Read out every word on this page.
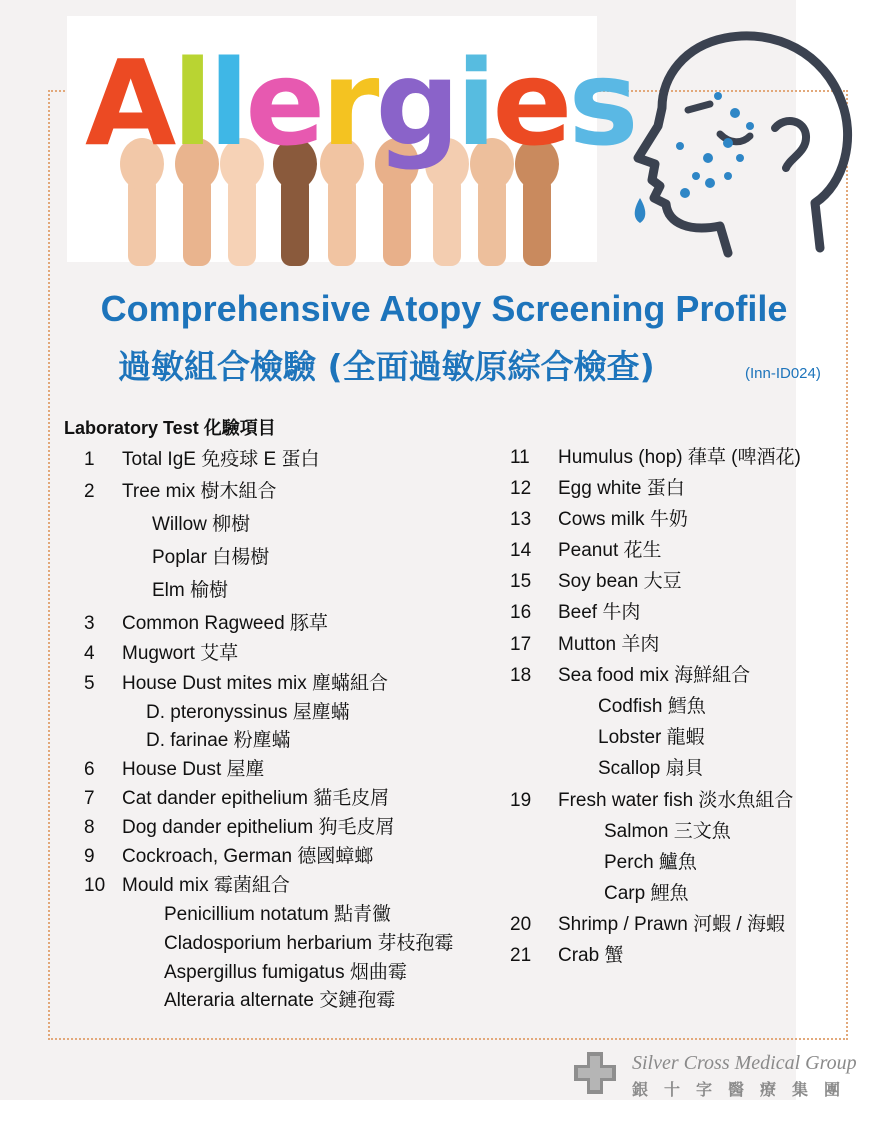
A l l e r g i e s
Comprehensive Atopy Screening Profile
過敏組合檢驗 (全面過敏原綜合檢查)	(Inn-ID024)
Laboratory Test 化驗項目
1	Total IgE 免疫球 E 蛋白
2	Tree mix 樹木組合
Willow 柳樹
Poplar 白楊樹
Elm 榆樹
3	Common Ragweed 豚草
4	Mugwort 艾草
5	House Dust mites mix 塵蟎組合
D. pteronyssinus 屋塵蟎
D. farinae 粉塵蟎
6	House Dust 屋塵
7	Cat dander epithelium 貓毛皮屑
8	Dog dander epithelium 狗毛皮屑
9	Cockroach, German 德國蟑螂
10 Mould mix 霉菌組合
Penicillium notatum 點青黴
Cladosporium herbarium 芽枝孢霉
Aspergillus fumigatus 烟曲霉
Alteraria alternate 交鏈孢霉
11	Humulus (hop) 葎草 (啤酒花)
12	Egg white 蛋白
13	Cows milk 牛奶
14	Peanut 花生
15	Soy bean 大豆
16	Beef 牛肉
17	Mutton 羊肉
18	Sea food mix 海鮮組合
Codfish 鱈魚
Lobster 龍蝦
Scallop 扇貝
19	Fresh water fish 淡水魚組合
Salmon 三文魚
Perch 鱸魚
Carp 鯉魚
20	Shrimp / Prawn 河蝦 / 海蝦
21	Crab 蟹
Silver Cross Medical Group
銀十字醫療集團
